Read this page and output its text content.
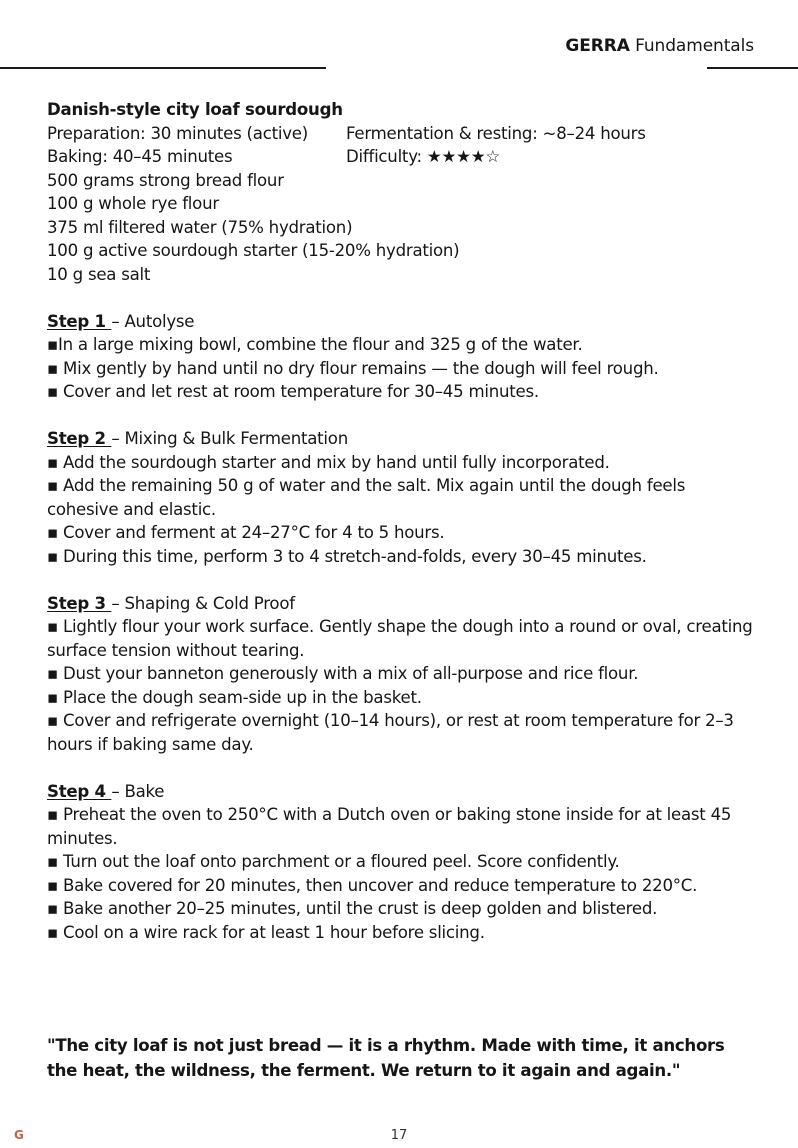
GERRA Fundamentals

Danish-style city loaf sourdough

Preparation: 30 minutes (active)	Fermentation & resting: ~8–24 hours

Baking: 40–45 minutes	Difficulty: ★★★★☆

500 grams strong bread flour

100 g whole rye flour

375 ml filtered water (75% hydration)

100 g active sourdough starter (15-20% hydration)

10 g sea salt

Step 1 – Autolyse

▪In a large mixing bowl, combine the flour and 325 g of the water.

▪ Mix gently by hand until no dry flour remains — the dough will feel rough.

▪ Cover and let rest at room temperature for 30–45 minutes.

Step 2 – Mixing & Bulk Fermentation

▪ Add the sourdough starter and mix by hand until fully incorporated.

▪ Add the remaining 50 g of water and the salt. Mix again until the dough feels cohesive and elastic.

▪ Cover and ferment at 24–27°C for 4 to 5 hours.

▪ During this time, perform 3 to 4 stretch-and-folds, every 30–45 minutes.

Step 3 – Shaping & Cold Proof

▪ Lightly flour your work surface. Gently shape the dough into a round or oval, creating surface tension without tearing.

▪ Dust your banneton generously with a mix of all-purpose and rice flour.

▪ Place the dough seam-side up in the basket.

▪ Cover and refrigerate overnight (10–14 hours), or rest at room temperature for 2–3 hours if baking same day.

Step 4 – Bake

▪ Preheat the oven to 250°C with a Dutch oven or baking stone inside for at least 45 minutes.

▪ Turn out the loaf onto parchment or a floured peel. Score confidently.

▪ Bake covered for 20 minutes, then uncover and reduce temperature to 220°C.

▪ Bake another 20–25 minutes, until the crust is deep golden and blistered.

▪ Cool on a wire rack for at least 1 hour before slicing.

"The city loaf is not just bread — it is a rhythm. Made with time, it anchors the heat, the wildness, the ferment. We return to it again and again."

G	17
